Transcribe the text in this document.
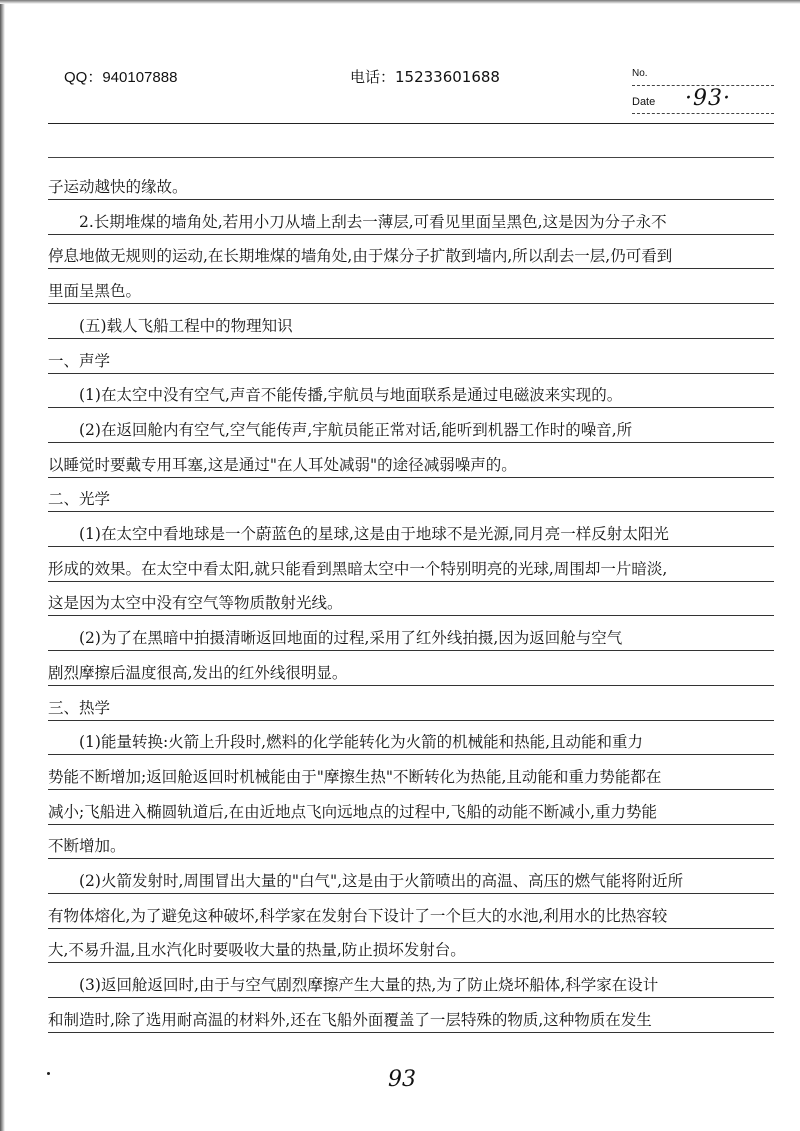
QQ：940107888	电话：15233601688	No.
Date ·93·
子运动越快的缘故。
　　2.长期堆煤的墙角处,若用小刀从墙上刮去一薄层,可看见里面呈黑色,这是因为分子永不
停息地做无规则的运动,在长期堆煤的墙角处,由于煤分子扩散到墙内,所以刮去一层,仍可看到
里面呈黑色。
　　(五)载人飞船工程中的物理知识
一、声学
　　(1)在太空中没有空气,声音不能传播,宇航员与地面联系是通过电磁波来实现的。
　　(2)在返回舱内有空气,空气能传声,宇航员能正常对话,能听到机器工作时的噪音,所
以睡觉时要戴专用耳塞,这是通过"在人耳处减弱"的途径减弱噪声的。
二、光学
　　(1)在太空中看地球是一个蔚蓝色的星球,这是由于地球不是光源,同月亮一样反射太阳光
形成的效果。在太空中看太阳,就只能看到黑暗太空中一个特别明亮的光球,周围却一片暗淡,
这是因为太空中没有空气等物质散射光线。
　　(2)为了在黑暗中拍摄清晰返回地面的过程,采用了红外线拍摄,因为返回舱与空气
剧烈摩擦后温度很高,发出的红外线很明显。
三、热学
　　(1)能量转换:火箭上升段时,燃料的化学能转化为火箭的机械能和热能,且动能和重力
势能不断增加;返回舱返回时机械能由于"摩擦生热"不断转化为热能,且动能和重力势能都在
减小;飞船进入椭圆轨道后,在由近地点飞向远地点的过程中,飞船的动能不断减小,重力势能
不断增加。
　　(2)火箭发射时,周围冒出大量的"白气",这是由于火箭喷出的高温、高压的燃气能将附近所
有物体熔化,为了避免这种破坏,科学家在发射台下设计了一个巨大的水池,利用水的比热容较
大,不易升温,且水汽化时要吸收大量的热量,防止损坏发射台。
　　(3)返回舱返回时,由于与空气剧烈摩擦产生大量的热,为了防止烧坏船体,科学家在设计
和制造时,除了选用耐高温的材料外,还在飞船外面覆盖了一层特殊的物质,这种物质在发生
93
